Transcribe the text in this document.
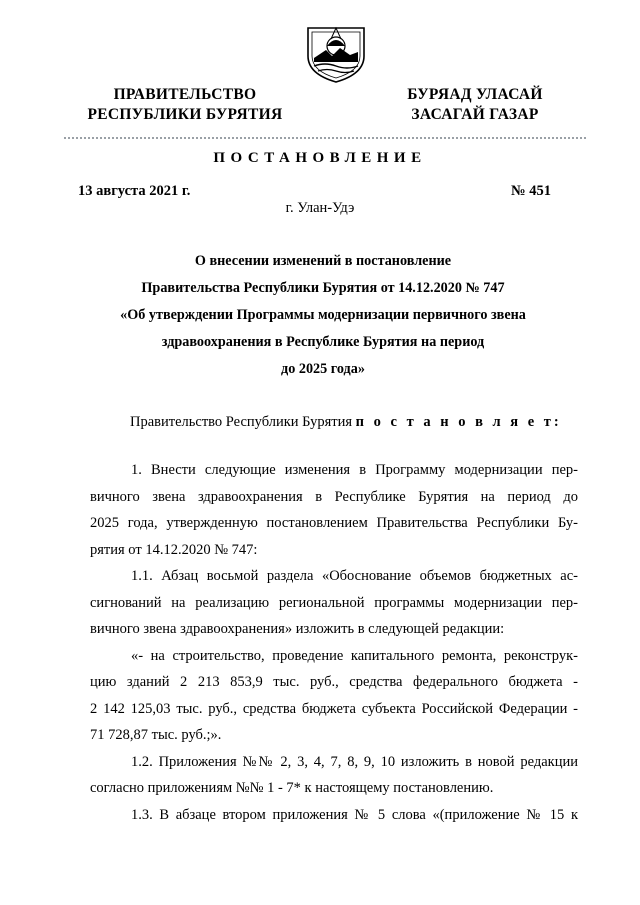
ПРАВИТЕЛЬСТВО
РЕСПУБЛИКИ БУРЯТИЯ
БУРЯАД УЛАСАЙ
ЗАСАГАЙ ГАЗАР
ПОСТАНОВЛЕНИЕ
13 августа 2021 г.	№ 451
г. Улан-Удэ
О внесении изменений в постановление
Правительства Республики Бурятия от 14.12.2020 № 747
«Об утверждении Программы модернизации первичного звена
здравоохранения в Республике Бурятия на период
до 2025 года»
Правительство Республики Бурятия п о с т а н о в л я е т:
1. Внести следующие изменения в Программу модернизации пер-
вичного звена здравоохранения в Республике Бурятия на период до
2025 года, утвержденную постановлением Правительства Республики Бу-
рятия от 14.12.2020 № 747:
1.1. Абзац восьмой раздела «Обоснование объемов бюджетных ас-
сигнований на реализацию региональной программы модернизации пер-
вичного звена здравоохранения» изложить в следующей редакции:
«- на строительство, проведение капитального ремонта, реконструк-
цию зданий 2 213 853,9 тыс. руб., средства федерального бюджета -
2 142 125,03 тыс. руб., средства бюджета субъекта Российской Федерации -
71 728,87 тыс. руб.;».
1.2. Приложения №№ 2, 3, 4, 7, 8, 9, 10 изложить в новой редакции
согласно приложениям №№ 1 - 7* к настоящему постановлению.
1.3. В абзаце втором приложения № 5 слова «(приложение № 15 к
